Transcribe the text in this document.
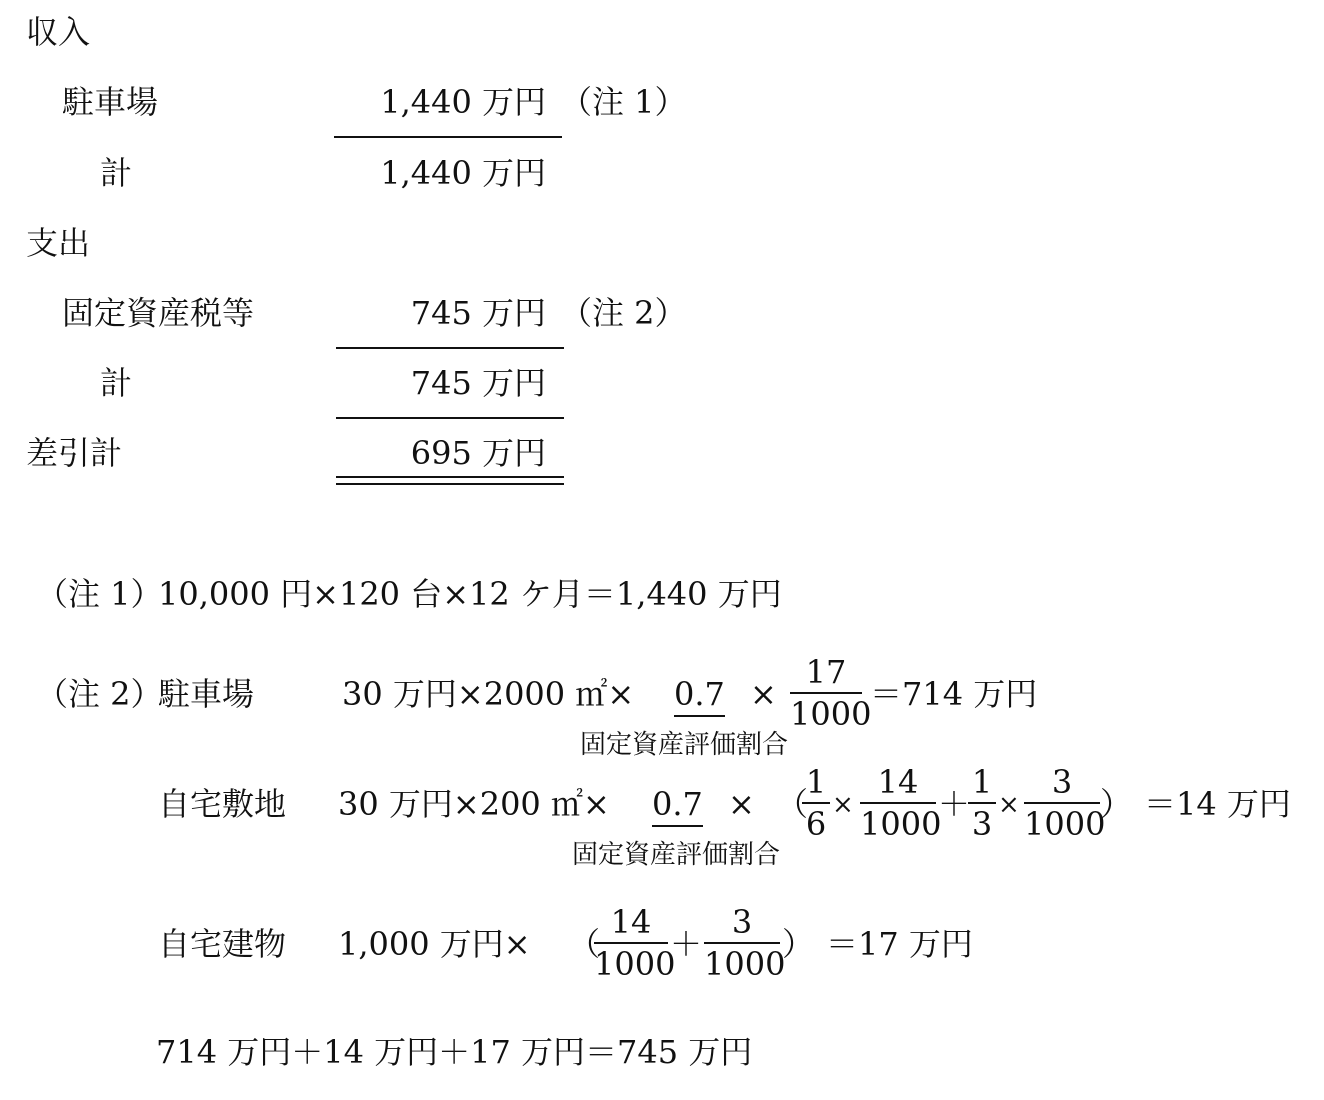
収入
駐車場	1,440 万円 （注 1）
計	1,440 万円
支出
固定資産税等	745 万円 （注 2）
計	745 万円
差引計	695 万円
（注 1）
10,000 円×120 台×12 ケ月＝1,440 万円
（注 2）
駐車場	30 万円×2000 ㎡× 0.7
固定資産評価割合
×
17
1000
＝714 万円
自宅敷地 30 万円×200 ㎡× 0.7
固定資産評価割合
× （
1
6 ×
14
1000
＋
1
3 ×
3
1000
） ＝14 万円
自宅建物 1,000 万円× （
14
1000
＋
3
1000
） ＝17 万円
714 万円＋14 万円＋17 万円＝745 万円
